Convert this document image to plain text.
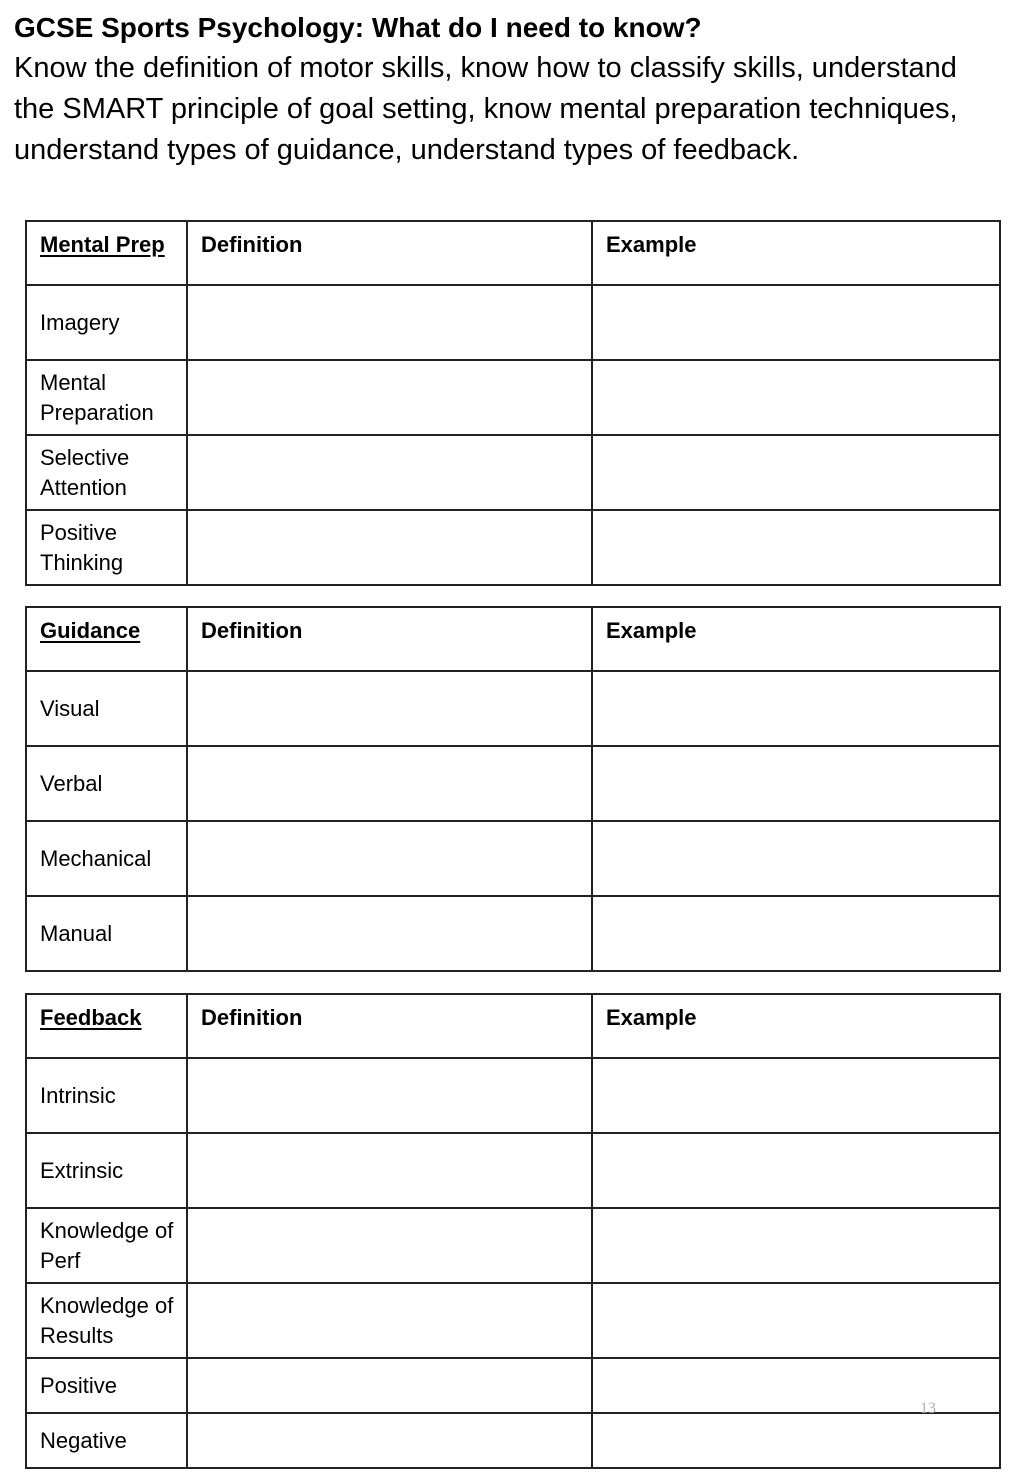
GCSE Sports Psychology: What do I need to know?

Know the definition of motor skills, know how to classify skills, understand the SMART principle of goal setting, know mental preparation techniques, understand types of guidance, understand types of feedback.

Mental Prep	Definition	Example
Imagery		
Mental Preparation		
Selective Attention		
Positive Thinking		
Guidance	Definition	Example
Visual		
Verbal		
Mechanical		
Manual		
Feedback	Definition	Example
Intrinsic		
Extrinsic		
Knowledge of Perf		
Knowledge of Results		
Positive		
Negative		
13
